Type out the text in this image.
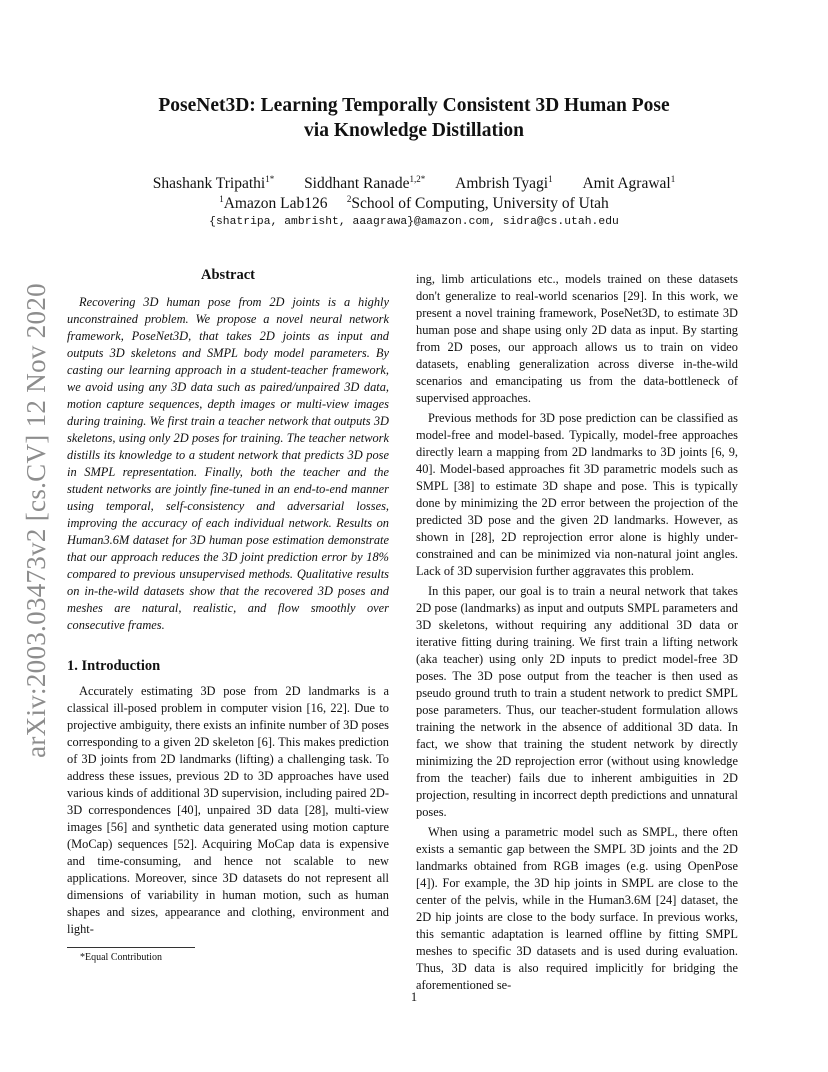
arXiv:2003.03473v2 [cs.CV] 12 Nov 2020
PoseNet3D: Learning Temporally Consistent 3D Human Pose
via Knowledge Distillation
Shashank Tripathi$^{1*}$ Siddhant Ranade$^{1,2*}$ Ambrish Tyagi$^1$ Amit Agrawal$^1$
$^1$Amazon Lab126 $^2$School of Computing, University of Utah
{shatripa, ambrisht, aaagrawa}@amazon.com, sidra@cs.utah.edu
Abstract

Recovering 3D human pose from 2D joints is a highly unconstrained problem. We propose a novel neural network framework, PoseNet3D, that takes 2D joints as input and outputs 3D skeletons and SMPL body model parameters. By casting our learning approach in a student-teacher framework, we avoid using any 3D data such as paired/unpaired 3D data, motion capture sequences, depth images or multi-view images during training. We first train a teacher network that outputs 3D skeletons, using only 2D poses for training. The teacher network distills its knowledge to a student network that predicts 3D pose in SMPL representation. Finally, both the teacher and the student networks are jointly fine-tuned in an end-to-end manner using temporal, self-consistency and adversarial losses, improving the accuracy of each individual network. Results on Human3.6M dataset for 3D human pose estimation demonstrate that our approach reduces the 3D joint prediction error by 18% compared to previous unsupervised methods. Qualitative results on in-the-wild datasets show that the recovered 3D poses and meshes are natural, realistic, and flow smoothly over consecutive frames.

1. Introduction

Accurately estimating 3D pose from 2D landmarks is a classical ill-posed problem in computer vision [16, 22]. Due to projective ambiguity, there exists an infinite number of 3D poses corresponding to a given 2D skeleton [6]. This makes prediction of 3D joints from 2D landmarks (lifting) a challenging task. To address these issues, previous 2D to 3D approaches have used various kinds of additional 3D supervision, including paired 2D-3D correspondences [40], unpaired 3D data [28], multi-view images [56] and synthetic data generated using motion capture (MoCap) sequences [52]. Acquiring MoCap data is expensive and time-consuming, and hence not scalable to new applications. Moreover, since 3D datasets do not represent all dimensions of variability in human motion, such as human shapes and sizes, appearance and clothing, environment and light-

ing, limb articulations etc., models trained on these datasets don't generalize to real-world scenarios [29]. In this work, we present a novel training framework, PoseNet3D, to estimate 3D human pose and shape using only 2D data as input. By starting from 2D poses, our approach allows us to train on video datasets, enabling generalization across diverse in-the-wild scenarios and emancipating us from the data-bottleneck of supervised approaches.

Previous methods for 3D pose prediction can be classified as model-free and model-based. Typically, model-free approaches directly learn a mapping from 2D landmarks to 3D joints [6, 9, 40]. Model-based approaches fit 3D parametric models such as SMPL [38] to estimate 3D shape and pose. This is typically done by minimizing the 2D error between the projection of the predicted 3D pose and the given 2D landmarks. However, as shown in [28], 2D reprojection error alone is highly under-constrained and can be minimized via non-natural joint angles. Lack of 3D supervision further aggravates this problem.

In this paper, our goal is to train a neural network that takes 2D pose (landmarks) as input and outputs SMPL parameters and 3D skeletons, without requiring any additional 3D data or iterative fitting during training. We first train a lifting network (aka teacher) using only 2D inputs to predict model-free 3D poses. The 3D pose output from the teacher is then used as pseudo ground truth to train a student network to predict SMPL pose parameters. Thus, our teacher-student formulation allows training the network in the absence of additional 3D data. In fact, we show that training the student network by directly minimizing the 2D reprojection error (without using knowledge from the teacher) fails due to inherent ambiguities in 2D projection, resulting in incorrect depth predictions and unnatural poses.

When using a parametric model such as SMPL, there often exists a semantic gap between the SMPL 3D joints and the 2D landmarks obtained from RGB images (e.g. using OpenPose [4]). For example, the 3D hip joints in SMPL are close to the center of the pelvis, while in the Human3.6M [24] dataset, the 2D hip joints are close to the body surface. In previous works, this semantic adaptation is learned offline by fitting SMPL meshes to specific 3D datasets and is used during evaluation. Thus, 3D data is also required implicitly for bridging the aforementioned se-

*Equal Contribution
1
